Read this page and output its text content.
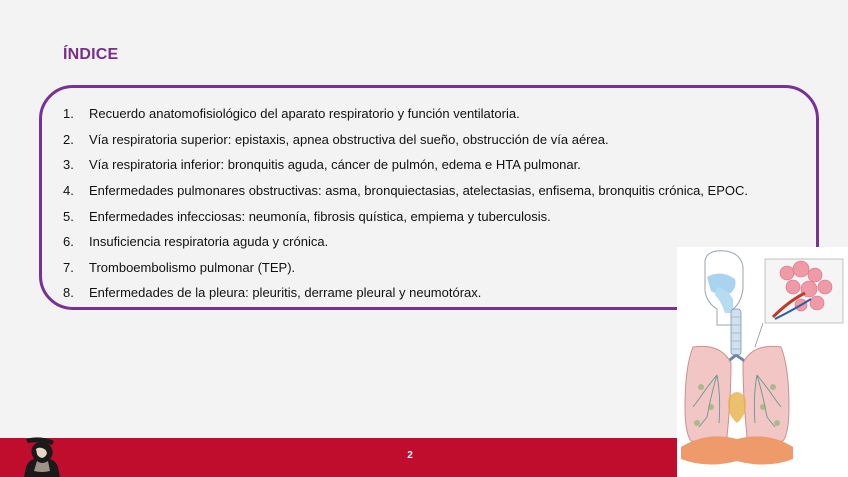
ÍNDICE
1.	Recuerdo anatomofisiológico del aparato respiratorio y función ventilatoria.
2.	Vía respiratoria superior: epistaxis, apnea obstructiva del sueño, obstrucción de vía aérea.
3.	Vía respiratoria inferior: bronquitis aguda, cáncer de pulmón, edema e HTA pulmonar.
4.	Enfermedades pulmonares obstructivas: asma, bronquiectasias, atelectasias, enfisema, bronquitis crónica, EPOC.
5.	Enfermedades infecciosas: neumonía, fibrosis quística, empiema y tuberculosis.
6.	Insuficiencia respiratoria aguda y crónica.
7.	Tromboembolismo pulmonar (TEP).
8.	Enfermedades de la pleura: pleuritis, derrame pleural y neumotórax.
2
